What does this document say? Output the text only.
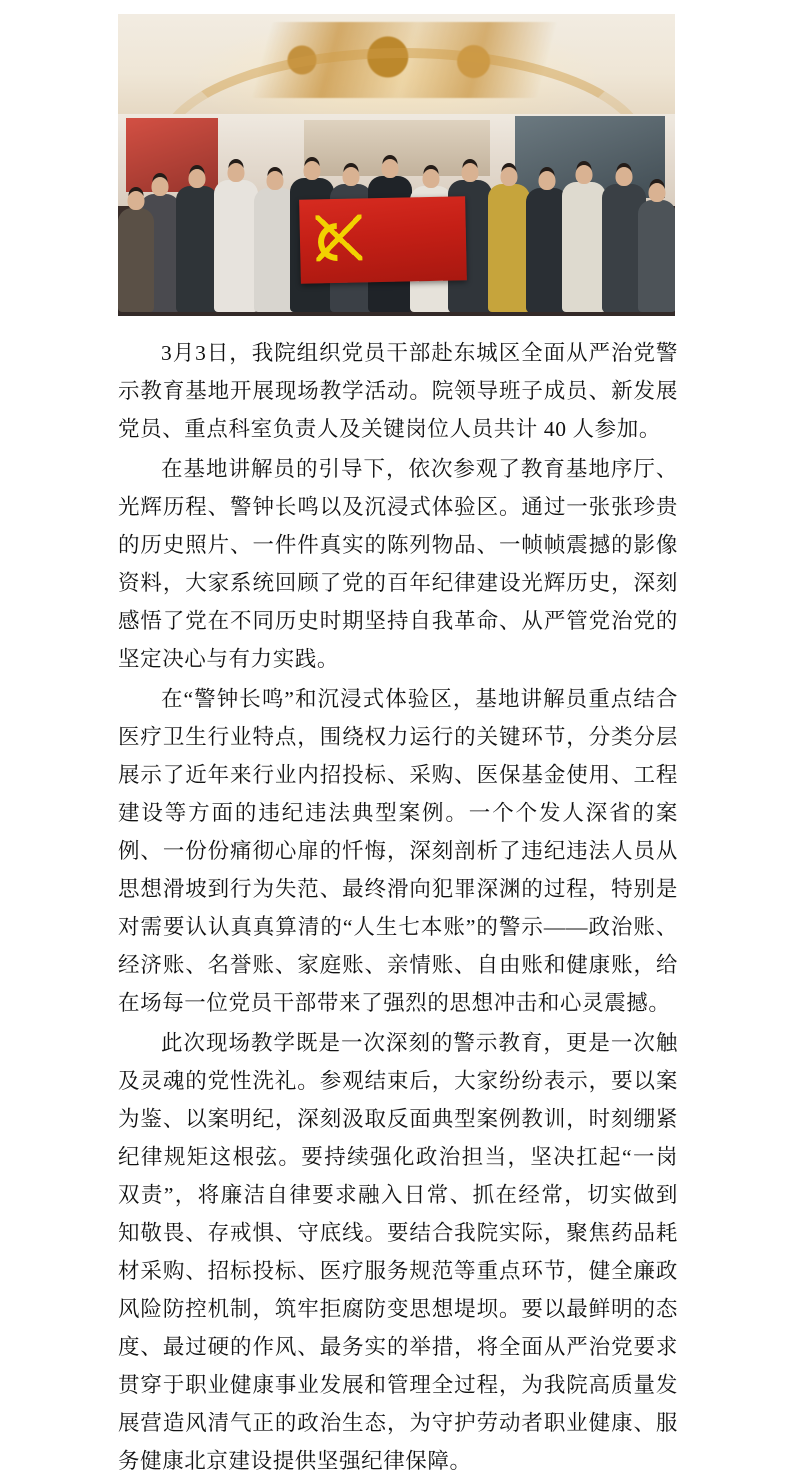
3月3日，我院组织党员干部赴东城区全面从严治党警示教育基地开展现场教学活动。院领导班子成员、新发展党员、重点科室负责人及关键岗位人员共计 40 人参加。

在基地讲解员的引导下，依次参观了教育基地序厅、光辉历程、警钟长鸣以及沉浸式体验区。通过一张张珍贵的历史照片、一件件真实的陈列物品、一帧帧震撼的影像资料，大家系统回顾了党的百年纪律建设光辉历史，深刻感悟了党在不同历史时期坚持自我革命、从严管党治党的坚定决心与有力实践。

在“警钟长鸣”和沉浸式体验区，基地讲解员重点结合医疗卫生行业特点，围绕权力运行的关键环节，分类分层展示了近年来行业内招投标、采购、医保基金使用、工程建设等方面的违纪违法典型案例。一个个发人深省的案例、一份份痛彻心扉的忏悔，深刻剖析了违纪违法人员从思想滑坡到行为失范、最终滑向犯罪深渊的过程，特别是对需要认认真真算清的“人生七本账”的警示——政治账、经济账、名誉账、家庭账、亲情账、自由账和健康账，给在场每一位党员干部带来了强烈的思想冲击和心灵震撼。

此次现场教学既是一次深刻的警示教育，更是一次触及灵魂的党性洗礼。参观结束后，大家纷纷表示，要以案为鉴、以案明纪，深刻汲取反面典型案例教训，时刻绷紧纪律规矩这根弦。要持续强化政治担当，坚决扛起“一岗双责”，将廉洁自律要求融入日常、抓在经常，切实做到知敬畏、存戒惧、守底线。要结合我院实际，聚焦药品耗材采购、招标投标、医疗服务规范等重点环节，健全廉政风险防控机制，筑牢拒腐防变思想堤坝。要以最鲜明的态度、最过硬的作风、最务实的举措，将全面从严治党要求贯穿于职业健康事业发展和管理全过程，为我院高质量发展营造风清气正的政治生态，为守护劳动者职业健康、服务健康北京建设提供坚强纪律保障。
